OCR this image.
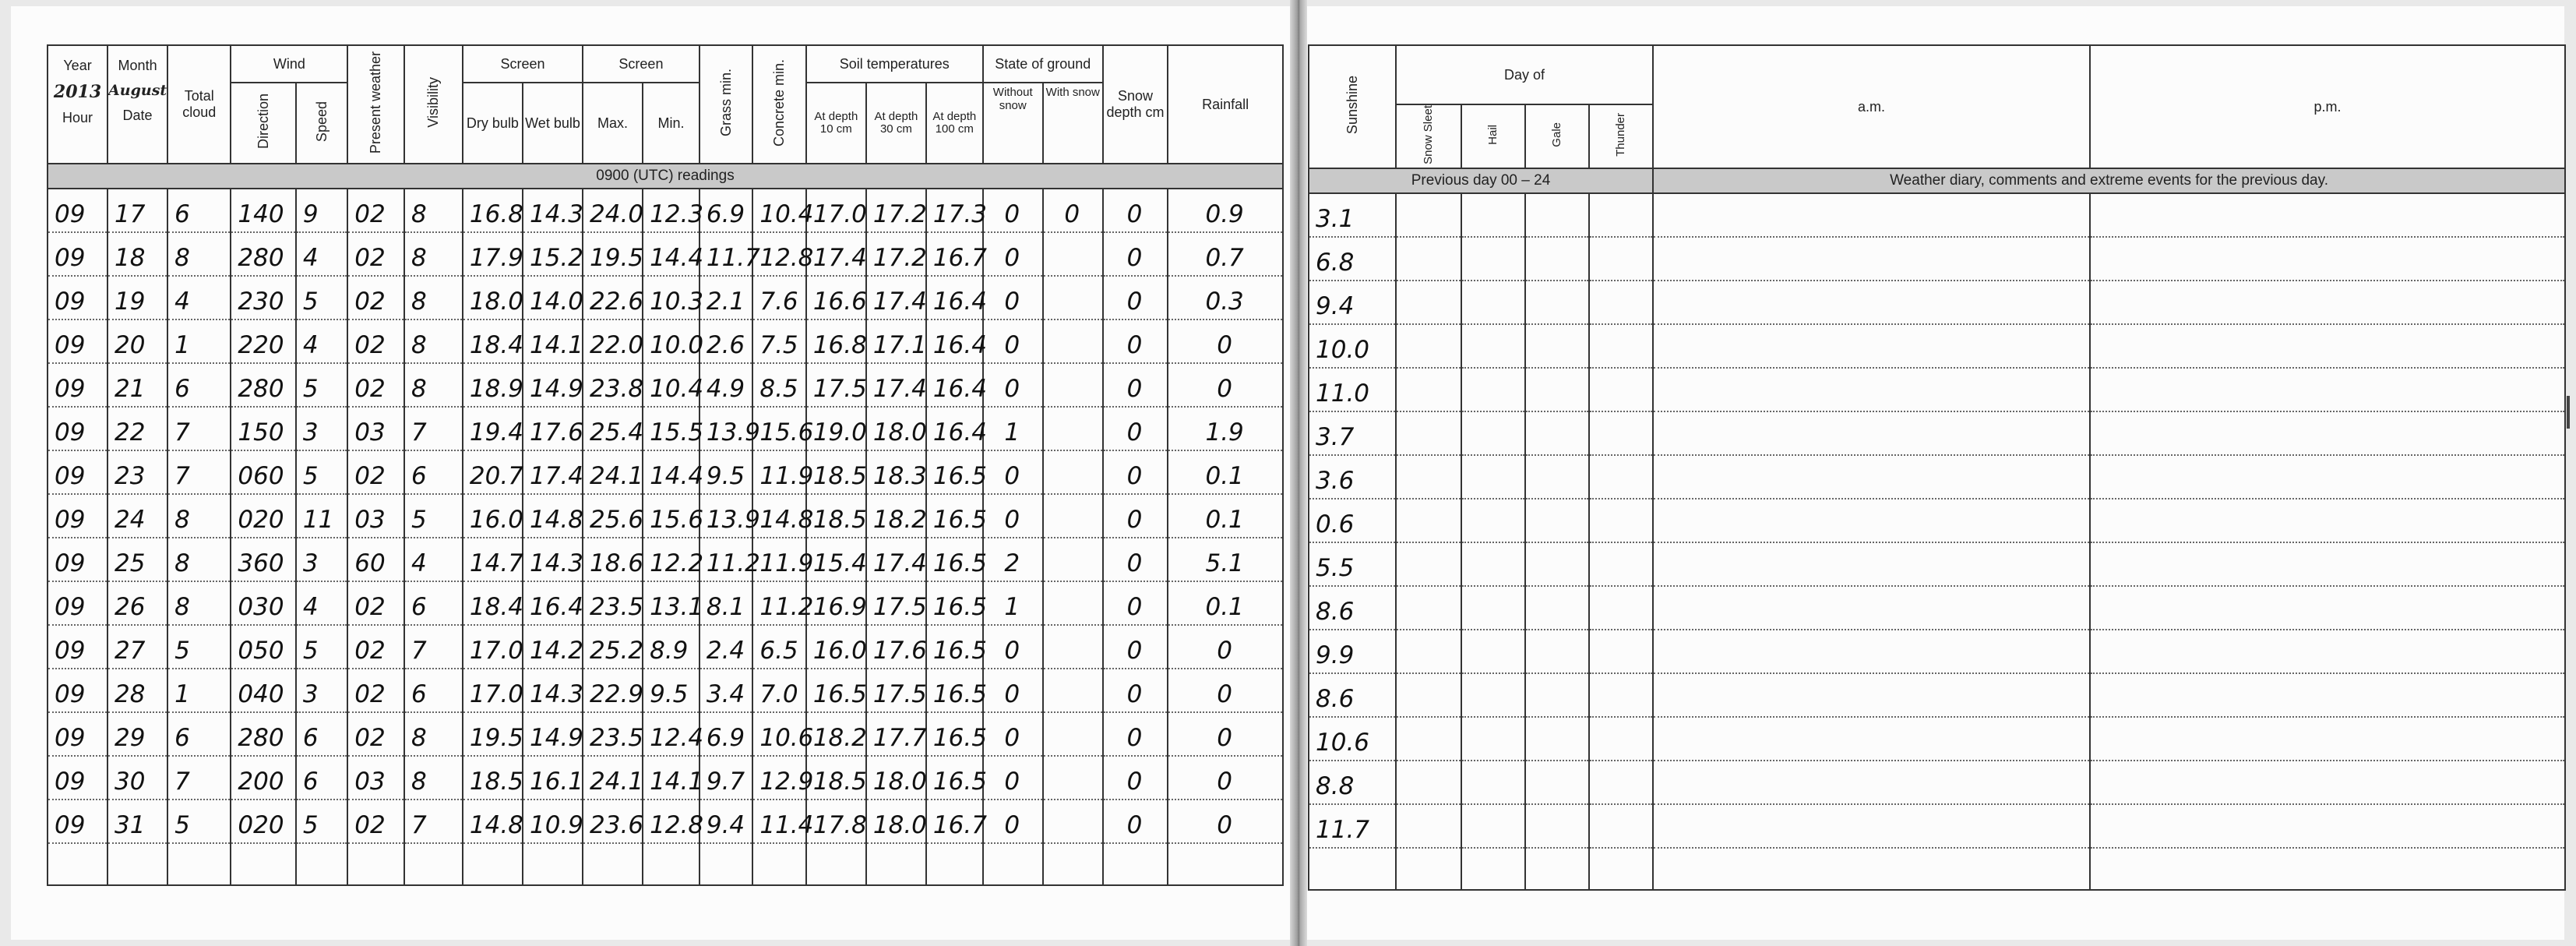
Year	Month	Total cloud	Wind		Present weather	Visibility	Screen		Screen		Grass min.	Concrete min.	Soil temperatures			State of ground		Snow depth cm	Rainfall

2013
Hour	August
Date		Direction	Speed			Dry bulb	Wet bulb	Max.	Min.			At depth 10 cm	At depth 30 cm	At depth 100 cm	Without snow	With snow		
0900 (UTC) readings																			
09	17	6	140	9	02	8	16.8	14.3	24.0	12.3	6.9	10.4	17.0	17.2	17.3	0	0	0	0.9
09	18	8	280	4	02	8	17.9	15.2	19.5	14.4	11.7	12.8	17.4	17.2	16.7	0		0	0.7
09	19	4	230	5	02	8	18.0	14.0	22.6	10.3	2.1	7.6	16.6	17.4	16.4	0		0	0.3
09	20	1	220	4	02	8	18.4	14.1	22.0	10.0	2.6	7.5	16.8	17.1	16.4	0		0	0
09	21	6	280	5	02	8	18.9	14.9	23.8	10.4	4.9	8.5	17.5	17.4	16.4	0		0	0
09	22	7	150	3	03	7	19.4	17.6	25.4	15.5	13.9	15.6	19.0	18.0	16.4	1		0	1.9
09	23	7	060	5	02	6	20.7	17.4	24.1	14.4	9.5	11.9	18.5	18.3	16.5	0		0	0.1
09	24	8	020	11	03	5	16.0	14.8	25.6	15.6	13.9	14.8	18.5	18.2	16.5	0		0	0.1
09	25	8	360	3	60	4	14.7	14.3	18.6	12.2	11.2	11.9	15.4	17.4	16.5	2		0	5.1
09	26	8	030	4	02	6	18.4	16.4	23.5	13.1	8.1	11.2	16.9	17.5	16.5	1		0	0.1
09	27	5	050	5	02	7	17.0	14.2	25.2	8.9	2.4	6.5	16.0	17.6	16.5	0		0	0
09	28	1	040	3	02	6	17.0	14.3	22.9	9.5	3.4	7.0	16.5	17.5	16.5	0		0	0
09	29	6	280	6	02	8	19.5	14.9	23.5	12.4	6.9	10.6	18.2	17.7	16.5	0		0	0
09	30	7	200	6	03	8	18.5	16.1	24.1	14.1	9.7	12.9	18.5	18.0	16.5	0		0	0
09	31	5	020	5	02	7	14.8	10.9	23.6	12.8	9.4	11.4	17.8	18.0	16.7	0		0	0

Sunshine	Day of				a.m.	p.m.
	Snow Sleet	Hail	Gale	Thunder		
Previous day 00 – 24					Weather diary, comments and extreme events for the previous day.	
3.1						
6.8						
9.4						
10.0						
11.0						
3.7						
3.6						
0.6						
5.5						
8.6						
9.9						
8.6						
10.6						
8.8						
11.7						
